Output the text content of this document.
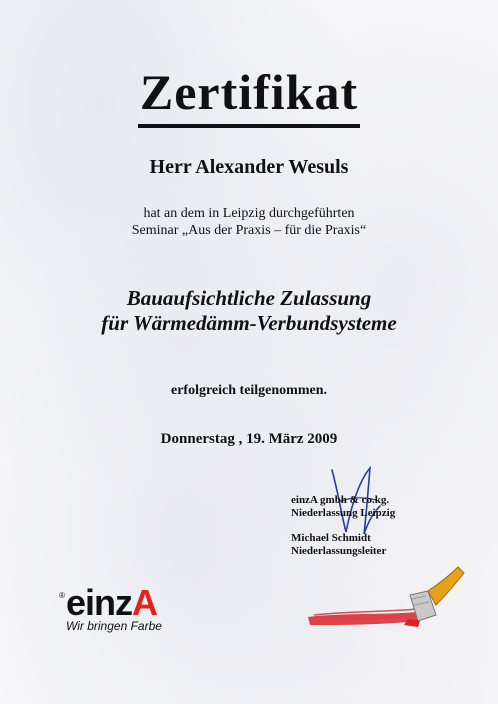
Zertifikat
Herr Alexander Wesuls
hat an dem in Leipzig durchgeführten
Seminar „Aus der Praxis – für die Praxis“
Bauaufsichtliche Zulassung
für Wärmedämm-Verbundsysteme
erfolgreich teilgenommen.
Donnerstag , 19. März 2009
einzA gmbh & co.kg.
Niederlassung Leipzig
Michael Schmidt
Niederlassungsleiter
® einzA
Wir bringen Farbe
